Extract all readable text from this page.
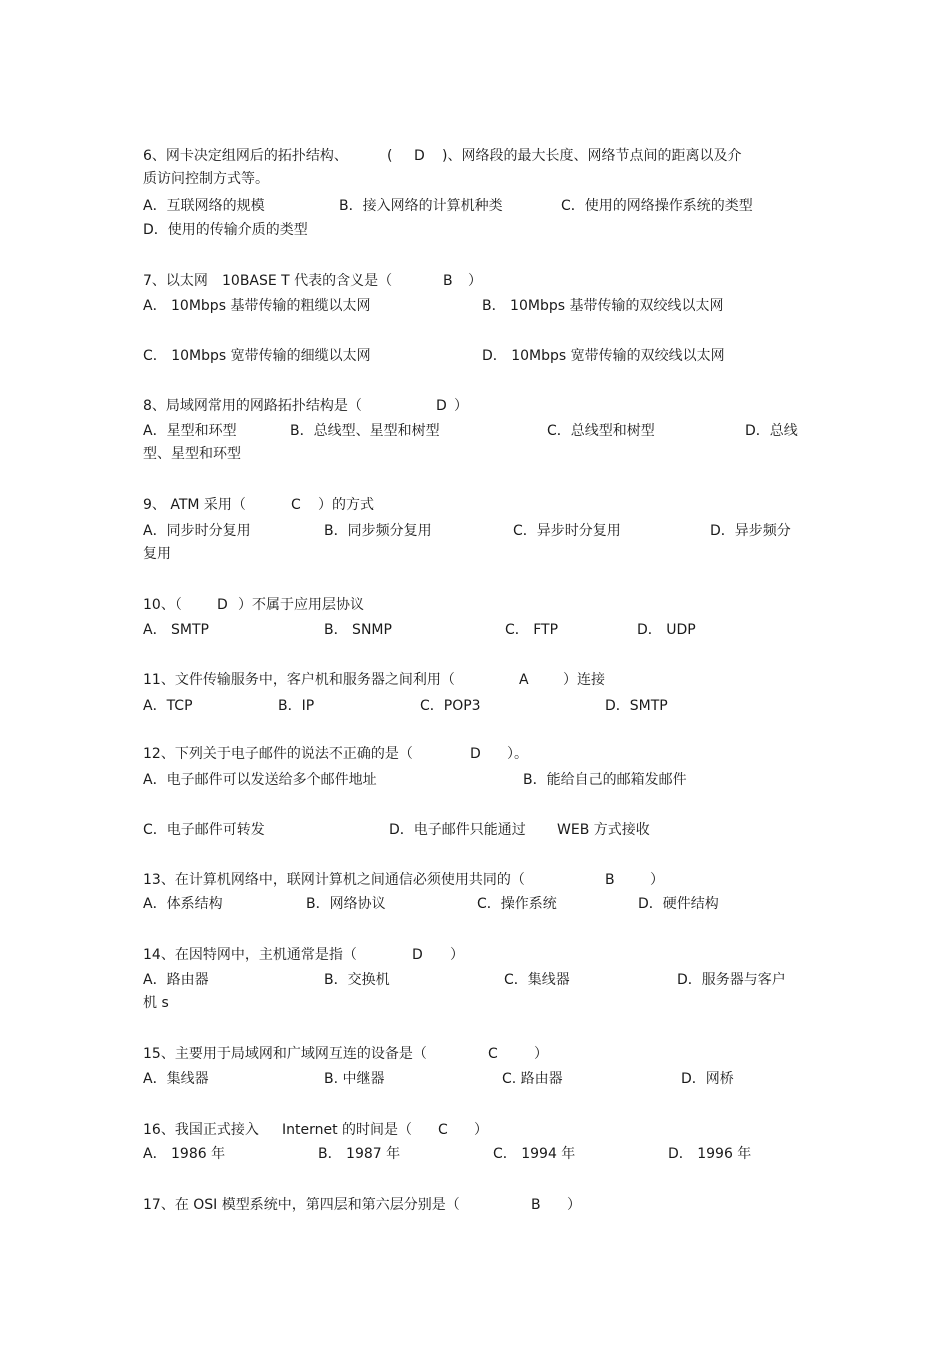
6、网卡决定组网后的拓扑结构、

	(

D

)、网络段的最大长度、网络节点间的距离以及介

质访问控制方式等。

A．互联网络的规模

	B．接入网络的计算机种类

	C．使用的网络操作系统的类型

D．使用的传输介质的类型

7、以太网

10BASE T 代表的含义是（

	B

）

A． 10Mbps 基带传输的粗缆以太网

	B． 10Mbps 基带传输的双绞线以太网

C． 10Mbps 宽带传输的细缆以太网

	D． 10Mbps 宽带传输的双绞线以太网

8、局域网常用的网路拓扑结构是（

	D

）

A．星型和环型

	B．总线型、星型和树型

	C．总线型和树型

	D．总线

型、星型和环型

9、 ATM 采用（

	C

）的方式

A．同步时分复用

	B．同步频分复用

	C．异步时分复用

	D．异步频分

复用

10、（

	D

）不属于应用层协议

A． SMTP

	B． SNMP

	C． FTP

	D． UDP

11、文件传输服务中，客户机和服务器之间利用（

	A

）连接

A．TCP

	B．IP

	C．POP3

	D．SMTP

12、下列关于电子邮件的说法不正确的是（

	D

）。

A．电子邮件可以发送给多个邮件地址

	B．能给自己的邮箱发邮件

C．电子邮件可转发

	D．电子邮件只能通过

WEB 方式接收

13、在计算机网络中，联网计算机之间通信必须使用共同的（

	B

	）

A．体系结构

	B．网络协议

	C．操作系统

	D．硬件结构

14、在因特网中，主机通常是指（

	D

）

A．路由器

	B．交换机

	C．集线器

	D．服务器与客户

机 s

15、主要用于局域网和广域网互连的设备是（

	C

	）

A．集线器

	B. 中继器

	C. 路由器

	D．网桥

16、我国正式接入

Internet 的时间是（

C

）

A． 1986 年

	B． 1987 年

	C． 1994 年

	D． 1996 年

17、在 OSI 模型系统中，第四层和第六层分别是（

	B

）
